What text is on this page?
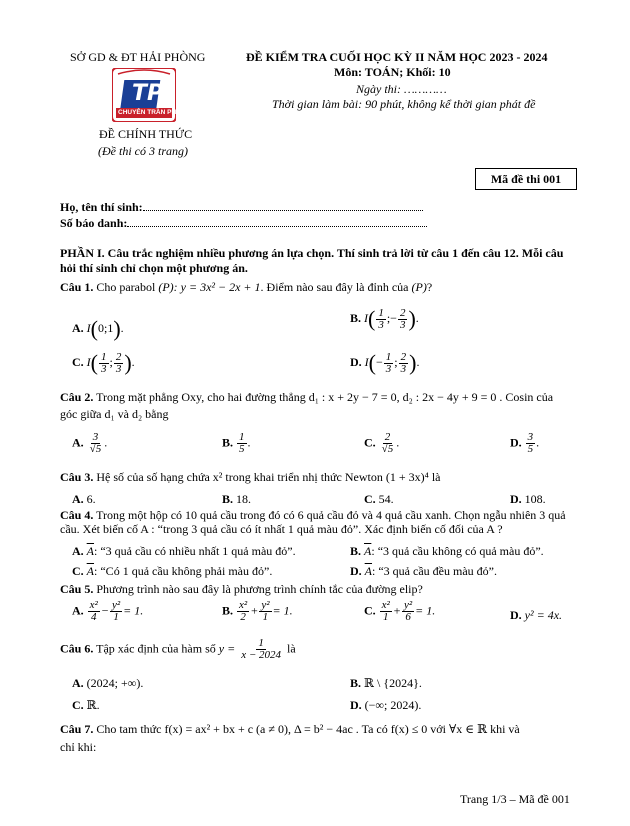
SỞ GD & ĐT HẢI PHÒNG
TP
CHUYÊN TRẦN PHÚ
ĐỀ CHÍNH THỨC
(Đề thi có 3 trang)
ĐỀ KIỂM TRA CUỐI HỌC KỲ II NĂM HỌC 2023 - 2024
Môn: TOÁN; Khối: 10
Ngày thi: …………
Thời gian làm bài: 90 phút, không kể thời gian phát đề
Mã đề thi 001
Họ, tên thí sinh:
Số báo danh:
PHẦN I. Câu trắc nghiệm nhiều phương án lựa chọn. Thí sinh trả lời từ câu 1 đến câu 12. Mỗi câu hỏi thí sinh chỉ chọn một phương án.
Câu 1. Cho parabol (P): y = 3x² − 2x + 1. Điểm nào sau đây là đỉnh của (P)?
A. I(0;1).
B. $I( \frac{1}{3}$ ;− $\frac{2}{3}$ ).
C. $I( \frac{1}{3}$ ; $\frac{2}{3}$ ).	D. $I(- \frac{1}{3}$ ; $\frac{2}{3}$ ).
Câu 2. Trong mặt phẳng Oxy, cho hai đường thẳng d₁ : x + 2y − 7 = 0, d₂ : 2x − 4y + 9 = 0 . Cosin của
góc giữa d₁ và d₂ bằng
A. $\frac{3}{√5}$ .	B. $\frac{1}{5}$ .	C. $\frac{2}{√5}$ .	D. $\frac{3}{5}$ .
Câu 3. Hệ số của số hạng chứa x² trong khai triển nhị thức Newton (1 + 3x)⁴ là
A. 6.	B. 18.	C. 54.	D. 108.
Câu 4. Trong một hộp có 10 quả cầu trong đó có 6 quả cầu đỏ và 4 quả cầu xanh. Chọn ngẫu nhiên 3 quả cầu. Xét biến cố A : “trong 3 quả cầu có ít nhất 1 quả màu đỏ”. Xác định biến cố đối của A ?
A. $\overline{A}$: “3 quả cầu có nhiều nhất 1 quả màu đỏ”.	B. $\overline{A}$: “3 quả cầu không có quả màu đỏ”.
C. $\overline{A}$: “Có 1 quả cầu không phải màu đỏ”.	D. $\overline{A}$: “3 quả cầu đều màu đỏ”.
Câu 5. Phương trình nào sau đây là phương trình chính tắc của đường elip?
A. $\frac{\text{x²}}{4} - \frac{\text{y²}}{1} = 1$.	B. $\frac{\text{x²}}{2} + \frac{\text{y²}}{1} = 1$.	C. $\frac{\text{x²}}{1} + \frac{\text{y²}}{6} = 1$.	D. y² = 4x.
Câu 6. Tập xác định của hàm số $y = \frac{1}{x - 2024}$ là
A. (2024; +∞).	B. ℝ \ {2024}.
C. ℝ.	D. (−∞; 2024).
Câu 7. Cho tam thức f(x) = ax² + bx + c (a ≠ 0), Δ = b² − 4ac . Ta có f(x) ≤ 0 với ∀x ∈ ℝ khi và
chỉ khi:
Trang 1/3 – Mã đề 001
